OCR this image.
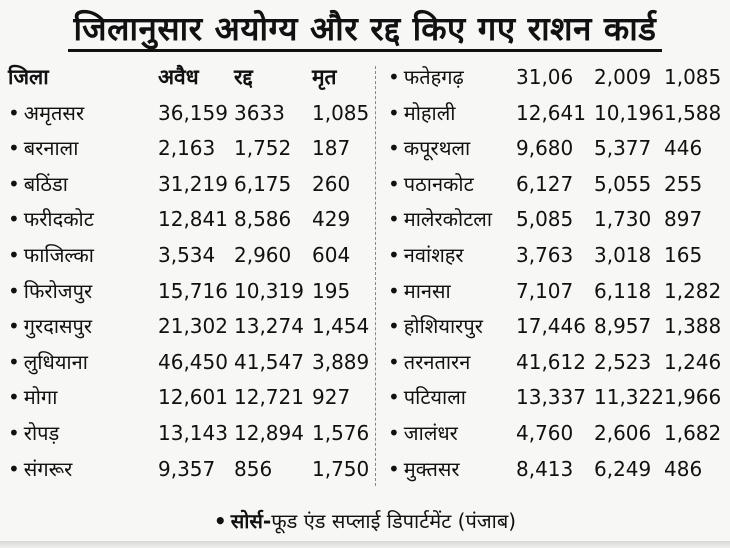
जिलानुसार अयोग्य और रद्द किए गए राशन कार्ड
जिला	अवैध रद्द	मृत
• अमृतसर	36,159 3633 1,085
• बरनाला	2,163 1,752 187
• बठिंडा	31,219 6,175 260
• फरीदकोट	12,841 8,586 429
• फाजिल्का	3,534 2,960 604
• फिरोजपुर	15,716 10,319 195
• गुरदासपुर	21,302 13,274 1,454
• लुधियाना	46,450 41,547 3,889
• मोगा	12,601 12,721 927
• रोपड़	13,143 12,894 1,576
• संगरूर	9,357 856 1,750
• फतेहगढ़	31,06 2,009 1,085
• मोहाली	12,641 10,196 1,588
• कपूरथला 9,680 5,377 446
• पठानकोट 6,127 5,055 255
• मालेरकोटला 5,085 1,730 897
• नवांशहर	3,763 3,018 165
• मानसा	7,107 6,118 1,282
• होशियारपुर 17,446 8,957 1,388
• तरनतारन 41,612 2,523 1,246
• पटियाला	13,337 11,322 1,966
• जालंधर	4,760 2,606 1,682
• मुक्तसर	8,413 6,249 486
• सोर्स-फूड एंड सप्लाई डिपार्टमेंट (पंजाब)
